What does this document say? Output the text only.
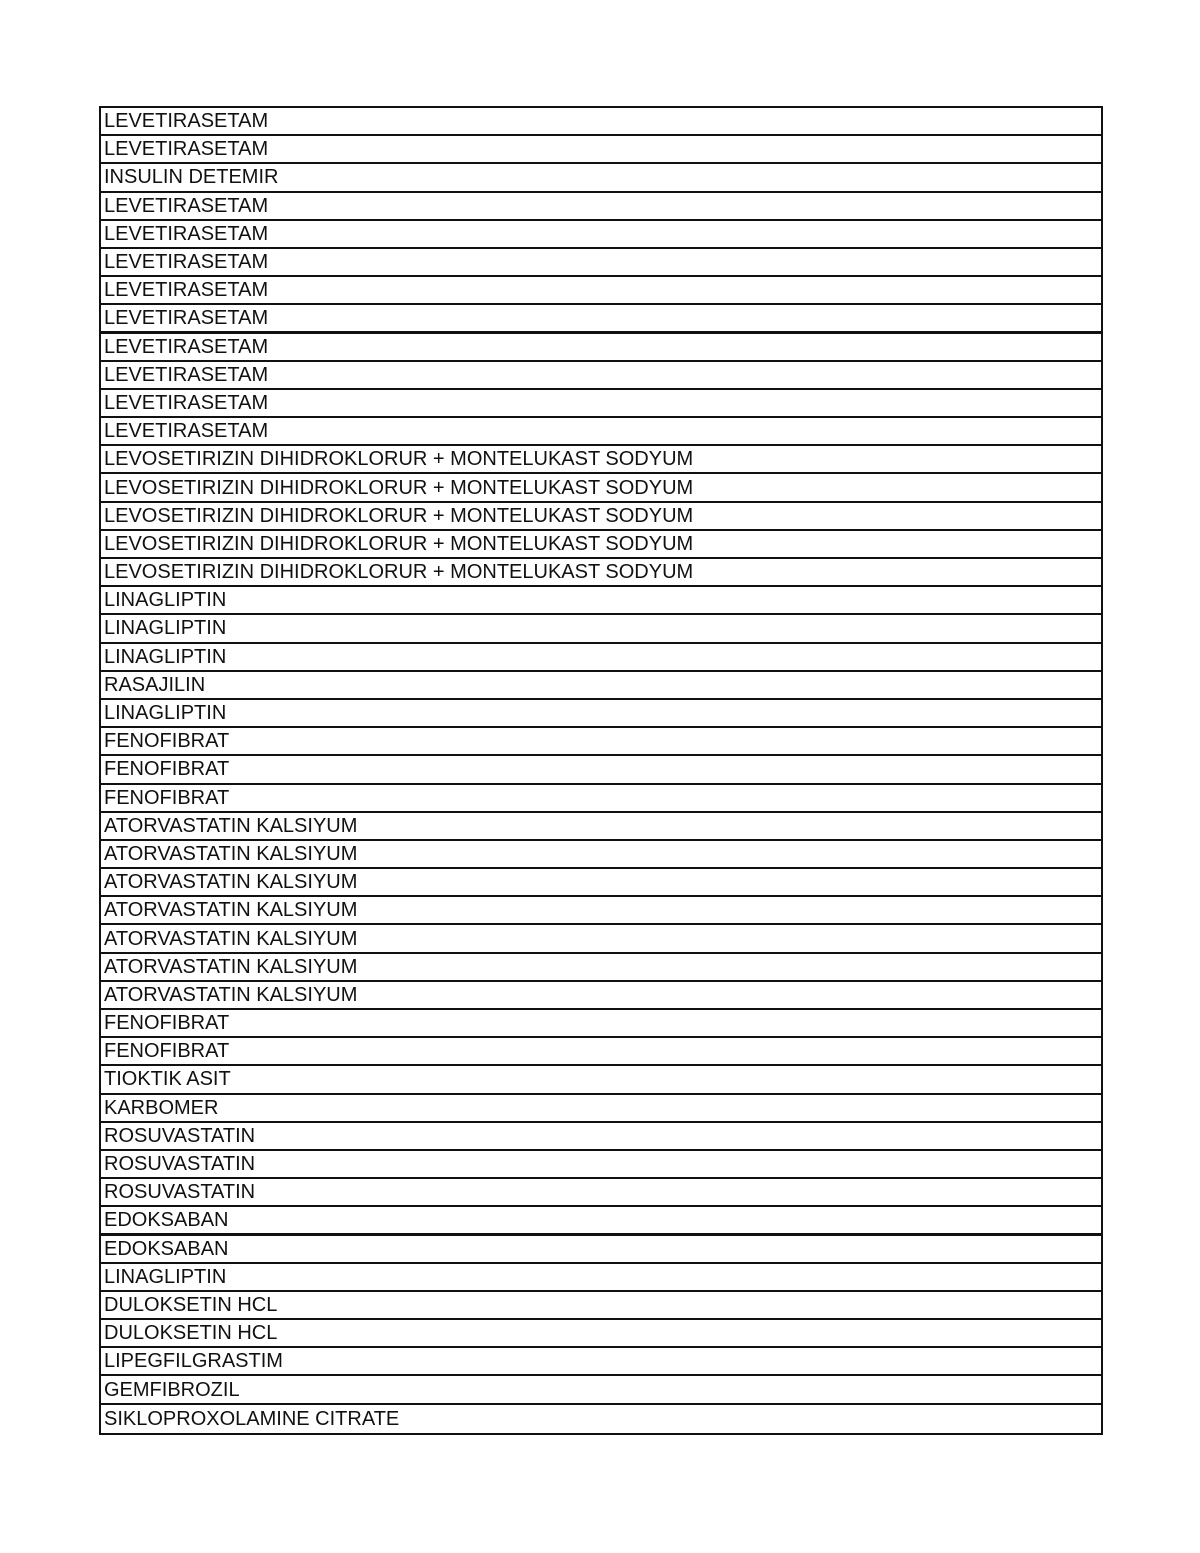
LEVETIRASETAM
LEVETIRASETAM
INSULIN DETEMIR
LEVETIRASETAM
LEVETIRASETAM
LEVETIRASETAM
LEVETIRASETAM
LEVETIRASETAM
LEVETIRASETAM
LEVETIRASETAM
LEVETIRASETAM
LEVETIRASETAM
LEVOSETIRIZIN DIHIDROKLORUR + MONTELUKAST SODYUM
LEVOSETIRIZIN DIHIDROKLORUR + MONTELUKAST SODYUM
LEVOSETIRIZIN DIHIDROKLORUR + MONTELUKAST SODYUM
LEVOSETIRIZIN DIHIDROKLORUR + MONTELUKAST SODYUM
LEVOSETIRIZIN DIHIDROKLORUR + MONTELUKAST SODYUM
LINAGLIPTIN
LINAGLIPTIN
LINAGLIPTIN
RASAJILIN
LINAGLIPTIN
FENOFIBRAT
FENOFIBRAT
FENOFIBRAT
ATORVASTATIN KALSIYUM
ATORVASTATIN KALSIYUM
ATORVASTATIN KALSIYUM
ATORVASTATIN KALSIYUM
ATORVASTATIN KALSIYUM
ATORVASTATIN KALSIYUM
ATORVASTATIN KALSIYUM
FENOFIBRAT
FENOFIBRAT
TIOKTIK ASIT
KARBOMER
ROSUVASTATIN
ROSUVASTATIN
ROSUVASTATIN
EDOKSABAN
EDOKSABAN
LINAGLIPTIN
DULOKSETIN HCL
DULOKSETIN HCL
LIPEGFILGRASTIM
GEMFIBROZIL
SIKLOPROXOLAMINE CITRATE
